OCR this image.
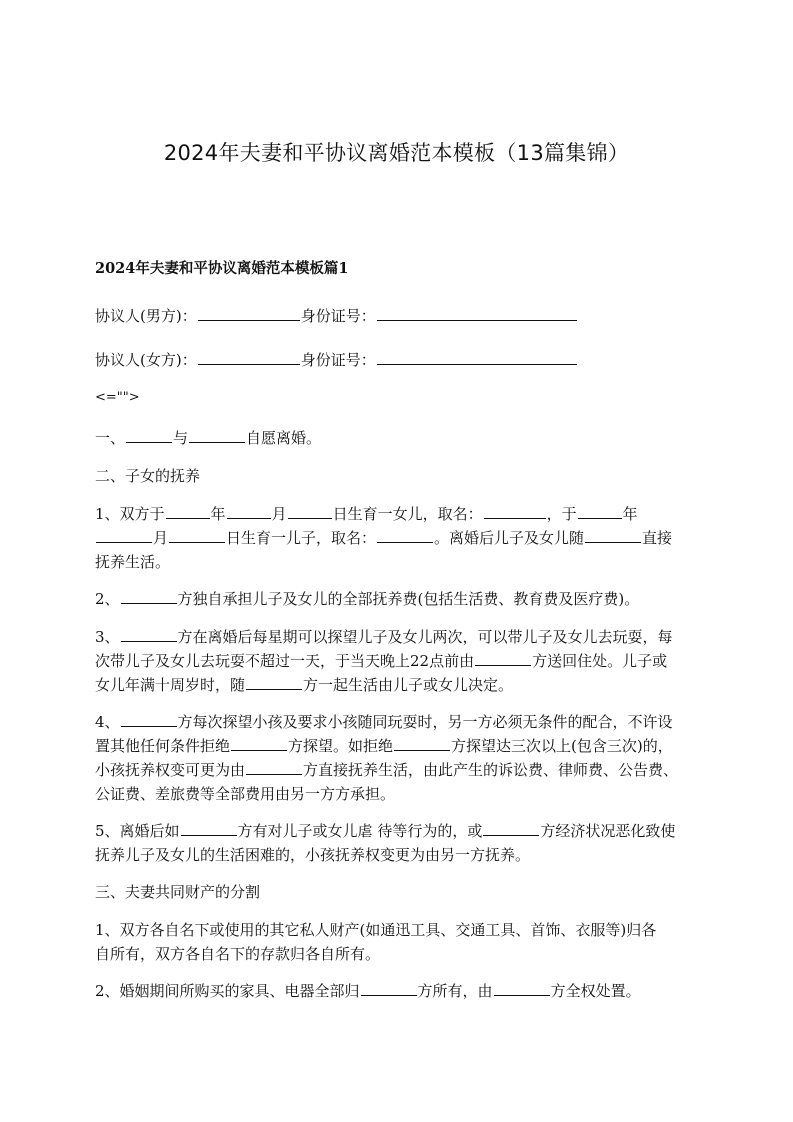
2024年夫妻和平协议离婚范本模板（13篇集锦）
2024年夫妻和平协议离婚范本模板篇1
协议人(男方)：	身份证号：
协议人(女方)：	身份证号：
<="">
一、	与	自愿离婚。
二、子女的抚养
1、双方于	年	月	日生育一女儿，取名：	，于	年
月	日生育一儿子，取名：	。离婚后儿子及女儿随	直接
抚养生活。
2、	方独自承担儿子及女儿的全部抚养费(包括生活费、教育费及医疗费)。
3、	方在离婚后每星期可以探望儿子及女儿两次，可以带儿子及女儿去玩耍，每
次带儿子及女儿去玩耍不超过一天，于当天晚上22点前由	方送回住处。儿子或
女儿年满十周岁时，随	方一起生活由儿子或女儿决定。
4、	方每次探望小孩及要求小孩随同玩耍时，另一方必须无条件的配合，不许设
置其他任何条件拒绝	方探望。如拒绝	方探望达三次以上(包含三次)的，
小孩抚养权变可更为由	方直接抚养生活，由此产生的诉讼费、律师费、公告费、
公证费、差旅费等全部费用由另一方方承担。
5、离婚后如	方有对儿子或女儿虐 待等行为的，或	方经济状况恶化致使
抚养儿子及女儿的生活困难的，小孩抚养权变更为由另一方抚养。
三、夫妻共同财产的分割
1、双方各自名下或使用的其它私人财产(如通迅工具、交通工具、首饰、衣服等)归各
自所有，双方各自名下的存款归各自所有。
2、婚姻期间所购买的家具、电器全部归	方所有，由	方全权处置。
